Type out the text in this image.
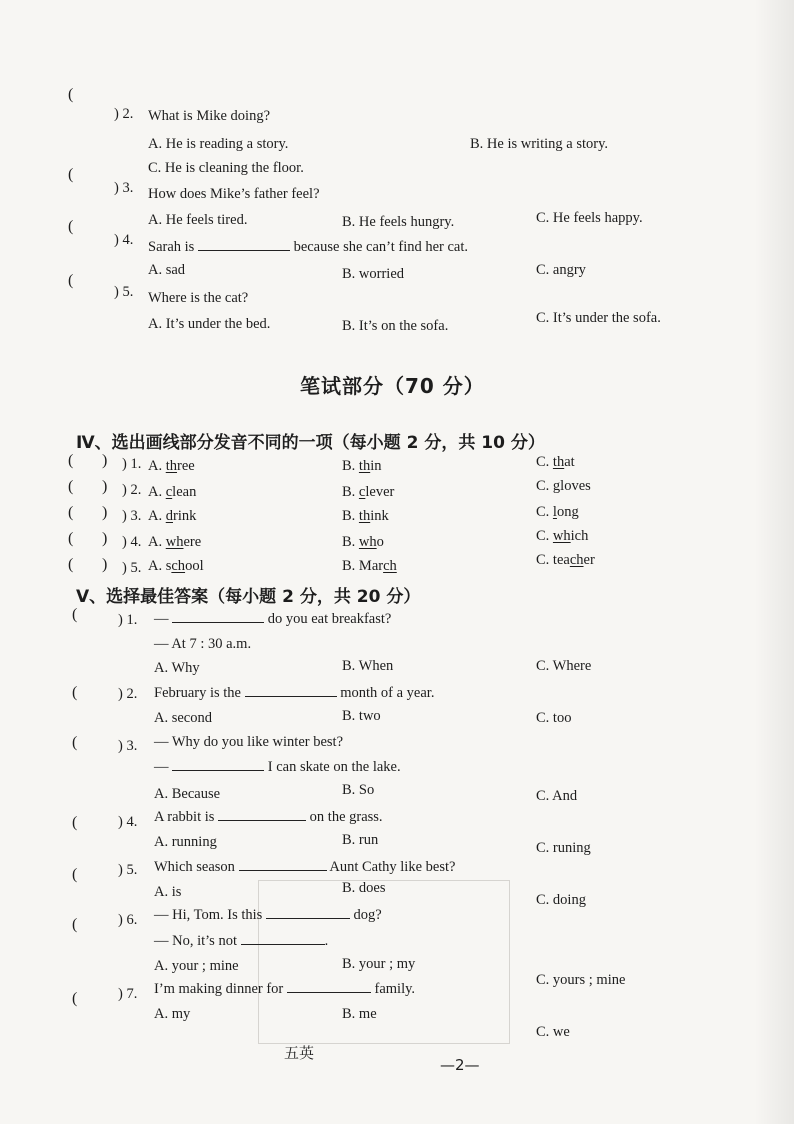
(
) 2. What is Mike doing?
A. He is reading a story.	B. He is writing a story.
C. He is cleaning the floor.
(
) 3. How does Mike’s father feel?
A. He feels tired.	B. He feels hungry.	C. He feels happy.
(
) 4. Sarah is	because she can’t find her cat.
A. sad	B. worried	C. angry
(
) 5. Where is the cat?
A. It’s under the bed.	B. It’s on the sofa.	C. It’s under the sofa.
笔试部分（70 分）
Ⅳ、选出画线部分发音不同的一项（每小题 2 分，共 10 分）
( ) ) 1. A. three	B. thin	C. that
( ) ) 2. A. clean	B. clever	C. gloves
( ) ) 3. A. drink	B. think	C. long
( ) ) 4. A. where	B. who	C. which
( ) ) 5. A. school	B. March	C. teacher
Ⅴ、选择最佳答案（每小题 2 分，共 20 分）
(	) 1. —	do you eat breakfast?
— At 7 : 30 a.m.
A. Why	B. When	C. Where
(	) 2. February is the	month of a year.
A. second	B. two	C. too
(	) 3. — Why do you like winter best?
—	I can skate on the lake.
A. Because	B. So	C. And
(	) 4. A rabbit is	on the grass.
A. running	B. run	C. runing
(	) 5. Which season	Aunt Cathy like best?
A. is	B. does
C. doing
(	) 6. — Hi, Tom. Is this	dog?
— No, it’s not	.
A. your ; mine	B. your ; my
C. yours ; mine
(	) 7. I’m making dinner for	family.
A. my	B. me
C. we
五英
—2—
